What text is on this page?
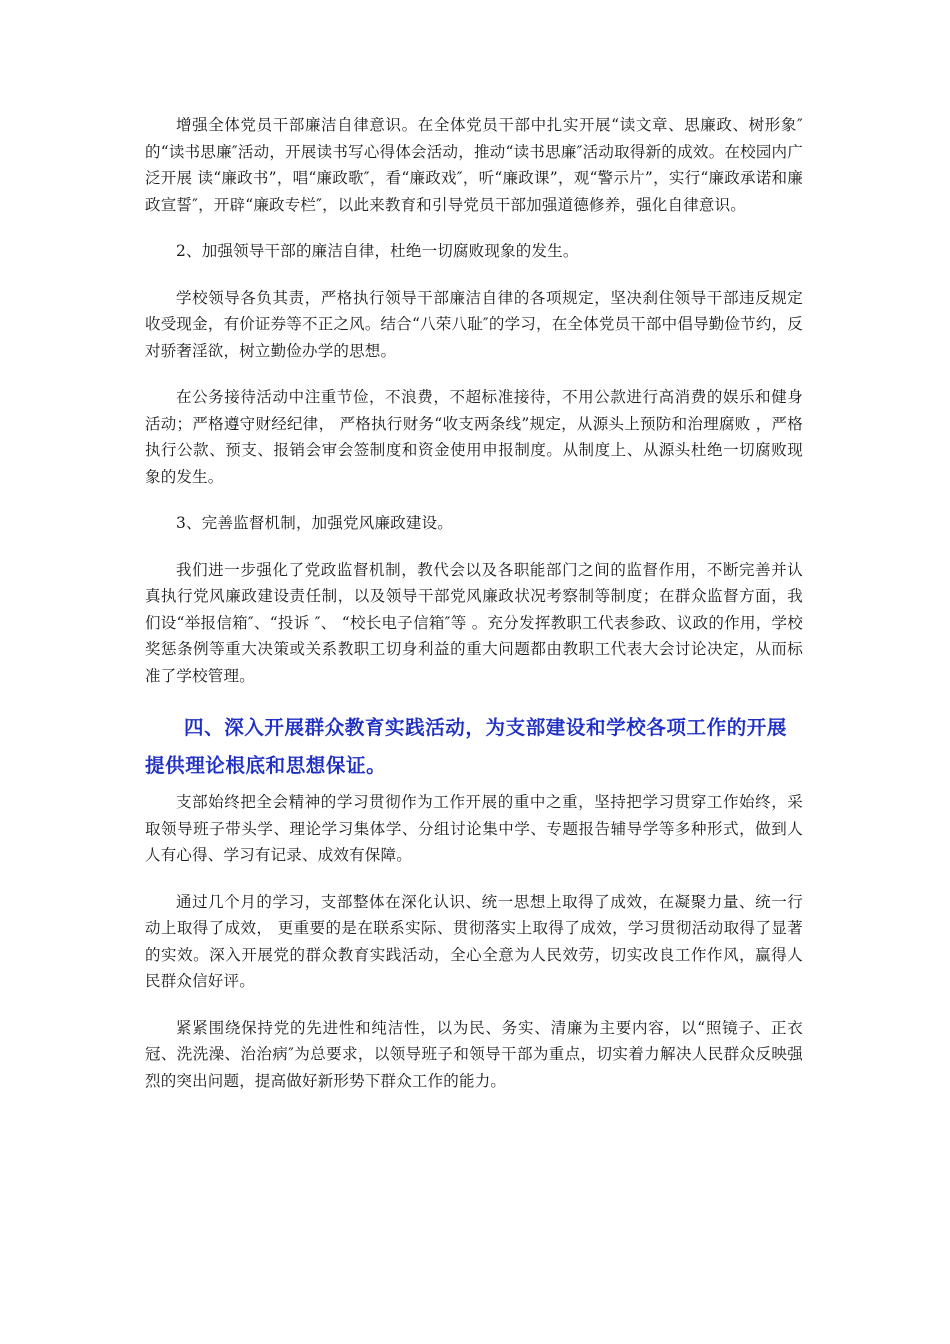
增强全体党员干部廉洁自律意识。在全体党员干部中扎实开展“读文章、思廉政、树形象″的“读书思廉″活动，开展读书写心得体会活动，推动“读书思廉″活动取得新的成效。在校园内广泛开展 读“廉政书”，唱“廉政歌″，看“廉政戏″，听“廉政课”，观“警示片”，实行“廉政承诺和廉政宣誓″，开辟“廉政专栏″，以此来教育和引导党员干部加强道德修养，强化自律意识。

2、加强领导干部的廉洁自律，杜绝一切腐败现象的发生。

学校领导各负其责，严格执行领导干部廉洁自律的各项规定，坚决刹住领导干部违反规定收受现金，有价证券等不正之风。结合“八荣八耻″的学习，在全体党员干部中倡导勤俭节约，反对骄奢淫欲，树立勤俭办学的思想。

在公务接待活动中注重节俭，不浪费，不超标准接待，不用公款进行高消费的娱乐和健身活动；严格遵守财经纪律， 严格执行财务“收支两条线”规定，从源头上预防和治理腐败 ，严格执行公款、预支、报销会审会签制度和资金使用申报制度。从制度上、从源头杜绝一切腐败现象的发生。

3、完善监督机制，加强党风廉政建设。

我们进一步强化了党政监督机制，教代会以及各职能部门之间的监督作用，不断完善并认真执行党风廉政建设责任制，以及领导干部党风廉政状况考察制等制度；在群众监督方面，我们设“举报信箱″、“投诉 ″、 “校长电子信箱″等 。充分发挥教职工代表参政、议政的作用，学校奖惩条例等重大决策或关系教职工切身利益的重大问题都由教职工代表大会讨论决定，从而标准了学校管理。

四、深入开展群众教育实践活动，为支部建设和学校各项工作的开展提供理论根底和思想保证。

支部始终把全会精神的学习贯彻作为工作开展的重中之重，坚持把学习贯穿工作始终，采取领导班子带头学、理论学习集体学、分组讨论集中学、专题报告辅导学等多种形式，做到人人有心得、学习有记录、成效有保障。

通过几个月的学习，支部整体在深化认识、统一思想上取得了成效，在凝聚力量、统一行动上取得了成效， 更重要的是在联系实际、贯彻落实上取得了成效，学习贯彻活动取得了显著的实效。深入开展党的群众教育实践活动，全心全意为人民效劳，切实改良工作作风，赢得人民群众信好评。

紧紧围绕保持党的先进性和纯洁性，以为民、务实、清廉为主要内容，以“照镜子、正衣冠、洗洗澡、治治病″为总要求，以领导班子和领导干部为重点，切实着力解决人民群众反映强烈的突出问题，提高做好新形势下群众工作的能力。
